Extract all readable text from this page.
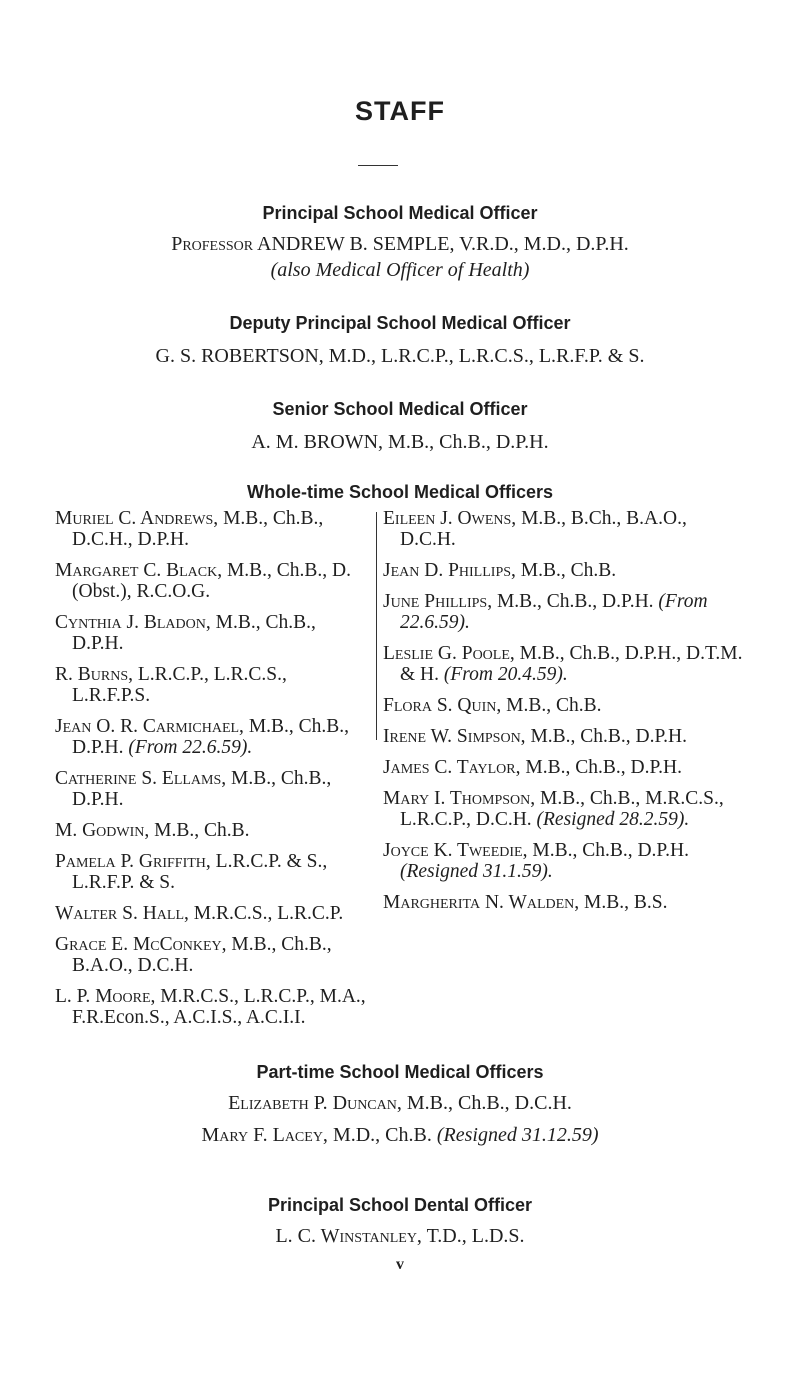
STAFF
Principal School Medical Officer
Professor ANDREW B. SEMPLE, V.R.D., M.D., D.P.H.
(also Medical Officer of Health)
Deputy Principal School Medical Officer
G. S. ROBERTSON, M.D., L.R.C.P., L.R.C.S., L.R.F.P. & S.
Senior School Medical Officer
A. M. BROWN, M.B., Ch.B., D.P.H.
Whole-time School Medical Officers
Muriel C. Andrews, M.B., Ch.B., D.C.H., D.P.H.
Margaret C. Black, M.B., Ch.B., D.(Obst.), R.C.O.G.
Cynthia J. Bladon, M.B., Ch.B., D.P.H.
R. Burns, L.R.C.P., L.R.C.S., L.R.F.P.S.
Jean O. R. Carmichael, M.B., Ch.B., D.P.H. (From 22.6.59).
Catherine S. Ellams, M.B., Ch.B., D.P.H.
M. Godwin, M.B., Ch.B.
Pamela P. Griffith, L.R.C.P. & S., L.R.F.P. & S.
Walter S. Hall, M.R.C.S., L.R.C.P.
Grace E. McConkey, M.B., Ch.B., B.A.O., D.C.H.
L. P. Moore, M.R.C.S., L.R.C.P., M.A., F.R.Econ.S., A.C.I.S., A.C.I.I.
Eileen J. Owens, M.B., B.Ch., B.A.O., D.C.H.
Jean D. Phillips, M.B., Ch.B.
June Phillips, M.B., Ch.B., D.P.H. (From 22.6.59).
Leslie G. Poole, M.B., Ch.B., D.P.H., D.T.M. & H. (From 20.4.59).
Flora S. Quin, M.B., Ch.B.
Irene W. Simpson, M.B., Ch.B., D.P.H.
James C. Taylor, M.B., Ch.B., D.P.H.
Mary I. Thompson, M.B., Ch.B., M.R.C.S., L.R.C.P., D.C.H. (Resigned 28.2.59).
Joyce K. Tweedie, M.B., Ch.B., D.P.H. (Resigned 31.1.59).
Margherita N. Walden, M.B., B.S.
Part-time School Medical Officers
Elizabeth P. Duncan, M.B., Ch.B., D.C.H.
Mary F. Lacey, M.D., Ch.B. (Resigned 31.12.59)
Principal School Dental Officer
L. C. Winstanley, T.D., L.D.S.
v
